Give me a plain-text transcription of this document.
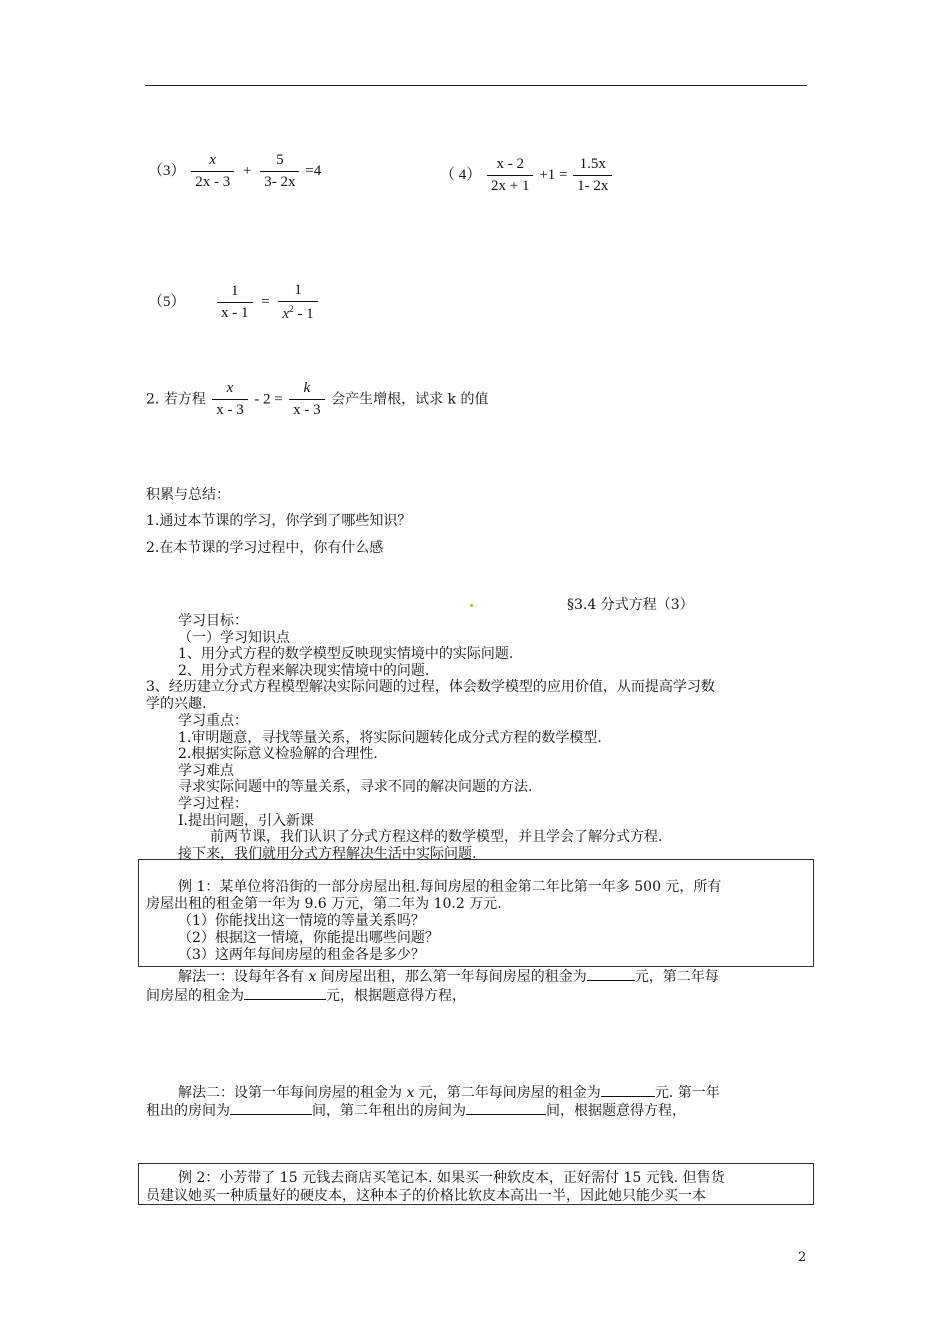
$(3) \frac{x}{2x - 3} + \frac{5}{3- 2x} =4$	（ $4) \frac{x - 2}{2x + 1} +1 = \frac{1.5x}{1- 2x}$
$(5) \frac{1}{x - 1} = \frac{1}{x^2 - 1}$
2. 若方程 $\frac{x}{x - 3} - 2 = \frac{k}{x - 3}$ 会产生增根，试求 k 的值
积累与总结：
1.通过本节课的学习，你学到了哪些知识？
2.在本节课的学习过程中，你有什么感
§3.4 分式方程（3）
学习目标：
（一）学习知识点
1、用分式方程的数学模型反映现实情境中的实际问题.
2、用分式方程来解决现实情境中的问题.
3、经历建立分式方程模型解决实际问题的过程，体会数学模型的应用价值，从而提高学习数
学的兴趣.
学习重点：
1.审明题意，寻找等量关系，将实际问题转化成分式方程的数学模型.
2.根据实际意义检验解的合理性.
学习难点
寻求实际问题中的等量关系，寻求不同的解决问题的方法.
学习过程：
Ⅰ.提出问题，引入新课
前两节课，我们认识了分式方程这样的数学模型，并且学会了解分式方程.
接下来，我们就用分式方程解决生活中实际问题.
例 1：某单位将沿街的一部分房屋出租.每间房屋的租金第二年比第一年多 500 元，所有
房屋出租的租金第一年为 9.6 万元，第二年为 10.2 万元.
（1）你能找出这一情境的等量关系吗？
（2）根据这一情境，你能提出哪些问题？
（3）这两年每间房屋的租金各是多少？
解法一：设每年各有 x 间房屋出租，那么第一年每间房屋的租金为	元，第二年每
间房屋的租金为	元，根据题意得方程，
解法二：设第一年每间房屋的租金为 x 元，第二年每间房屋的租金为	元. 第一年
租出的房间为	间，第二年租出的房间为	间，根据题意得方程，
例 2：小芳带了 15 元钱去商店买笔记本. 如果买一种软皮本，正好需付 15 元钱. 但售货
员建议她买一种质量好的硬皮本，这种本子的价格比软皮本高出一半，因此她只能少买一本
2
